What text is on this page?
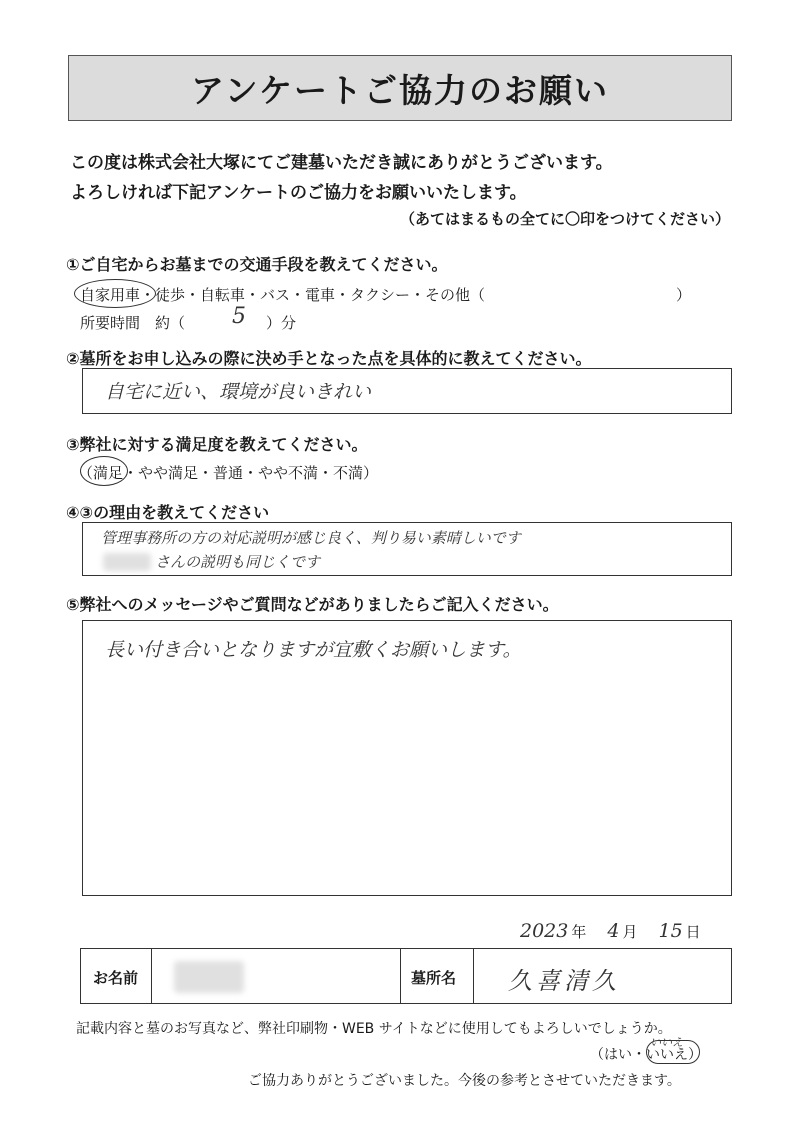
アンケートご協力のお願い
この度は株式会社大塚にてご建墓いただき誠にありがとうございます。
よろしければ下記アンケートのご協力をお願いいたします。
（あてはまるもの全てに〇印をつけてください）
①ご自宅からお墓までの交通手段を教えてください。
自家用車・徒歩・自転車・バス・電車・タクシー・その他（	）
所要時間　約（ 5 ）分
②墓所をお申し込みの際に決め手となった点を具体的に教えてください。
自宅に近い、環境が良いきれい
③弊社に対する満足度を教えてください。
（満足・やや満足・普通・やや不満・不満）
④③の理由を教えてください
管理事務所の方の対応説明が感じ良く、判り易い素晴しいです
さんの説明も同じくです
⑤弊社へのメッセージやご質問などがありましたらご記入ください。
長い付き合いとなりますが宜敷くお願いします。
2023 年 4 月 15 日
お名前	墓所名 久喜清久
記載内容と墓のお写真など、弊社印刷物・WEB サイトなどに使用してもよろしいでしょうか。
（はい・いいえ）
いいえ
ご協力ありがとうございました。今後の参考とさせていただきます。
